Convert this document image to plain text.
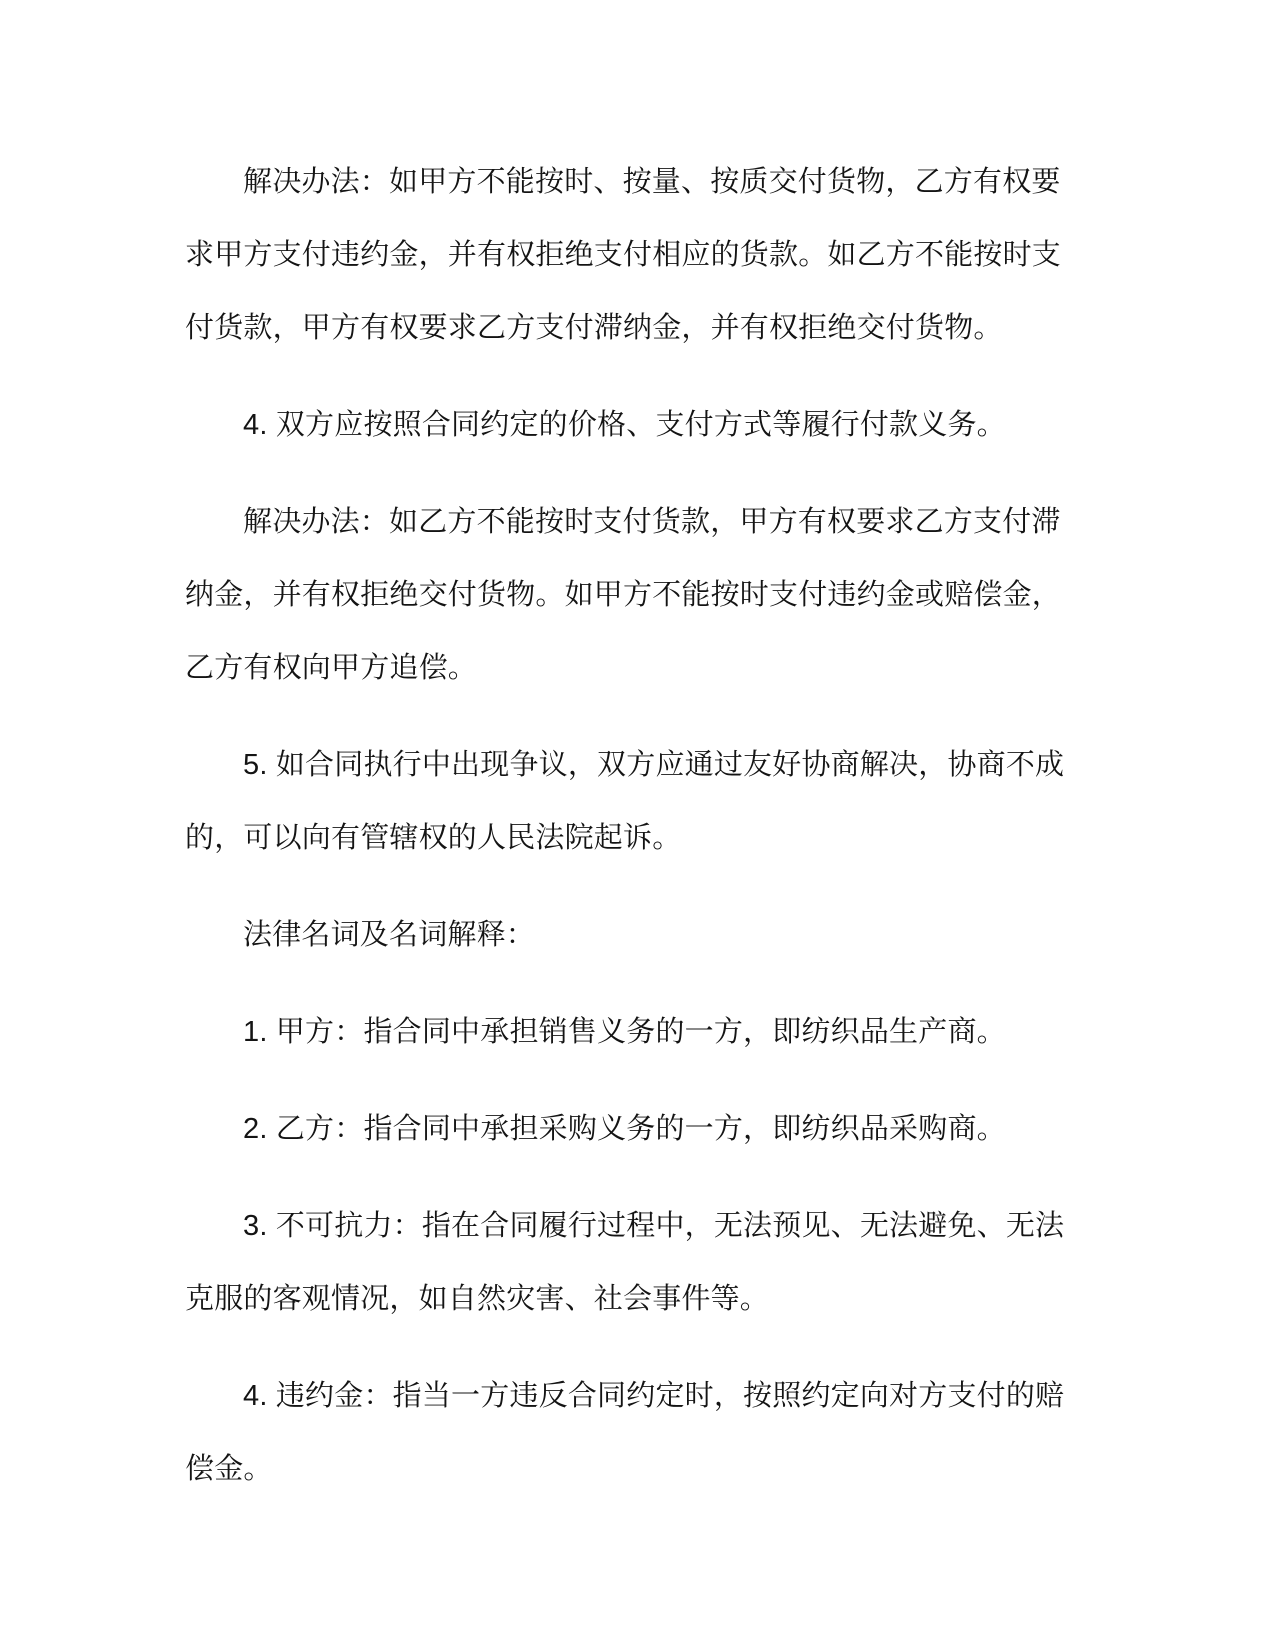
解决办法：如甲方不能按时、按量、按质交付货物，乙方有权要
求甲方支付违约金，并有权拒绝支付相应的货款。如乙方不能按时支
付货款，甲方有权要求乙方支付滞纳金，并有权拒绝交付货物。

4. 双方应按照合同约定的价格、支付方式等履行付款义务。

解决办法：如乙方不能按时支付货款，甲方有权要求乙方支付滞
纳金，并有权拒绝交付货物。如甲方不能按时支付违约金或赔偿金，
乙方有权向甲方追偿。

5. 如合同执行中出现争议，双方应通过友好协商解决，协商不成
的，可以向有管辖权的人民法院起诉。

法律名词及名词解释：

1. 甲方：指合同中承担销售义务的一方，即纺织品生产商。

2. 乙方：指合同中承担采购义务的一方，即纺织品采购商。

3. 不可抗力：指在合同履行过程中，无法预见、无法避免、无法
克服的客观情况，如自然灾害、社会事件等。

4. 违约金：指当一方违反合同约定时，按照约定向对方支付的赔
偿金。
